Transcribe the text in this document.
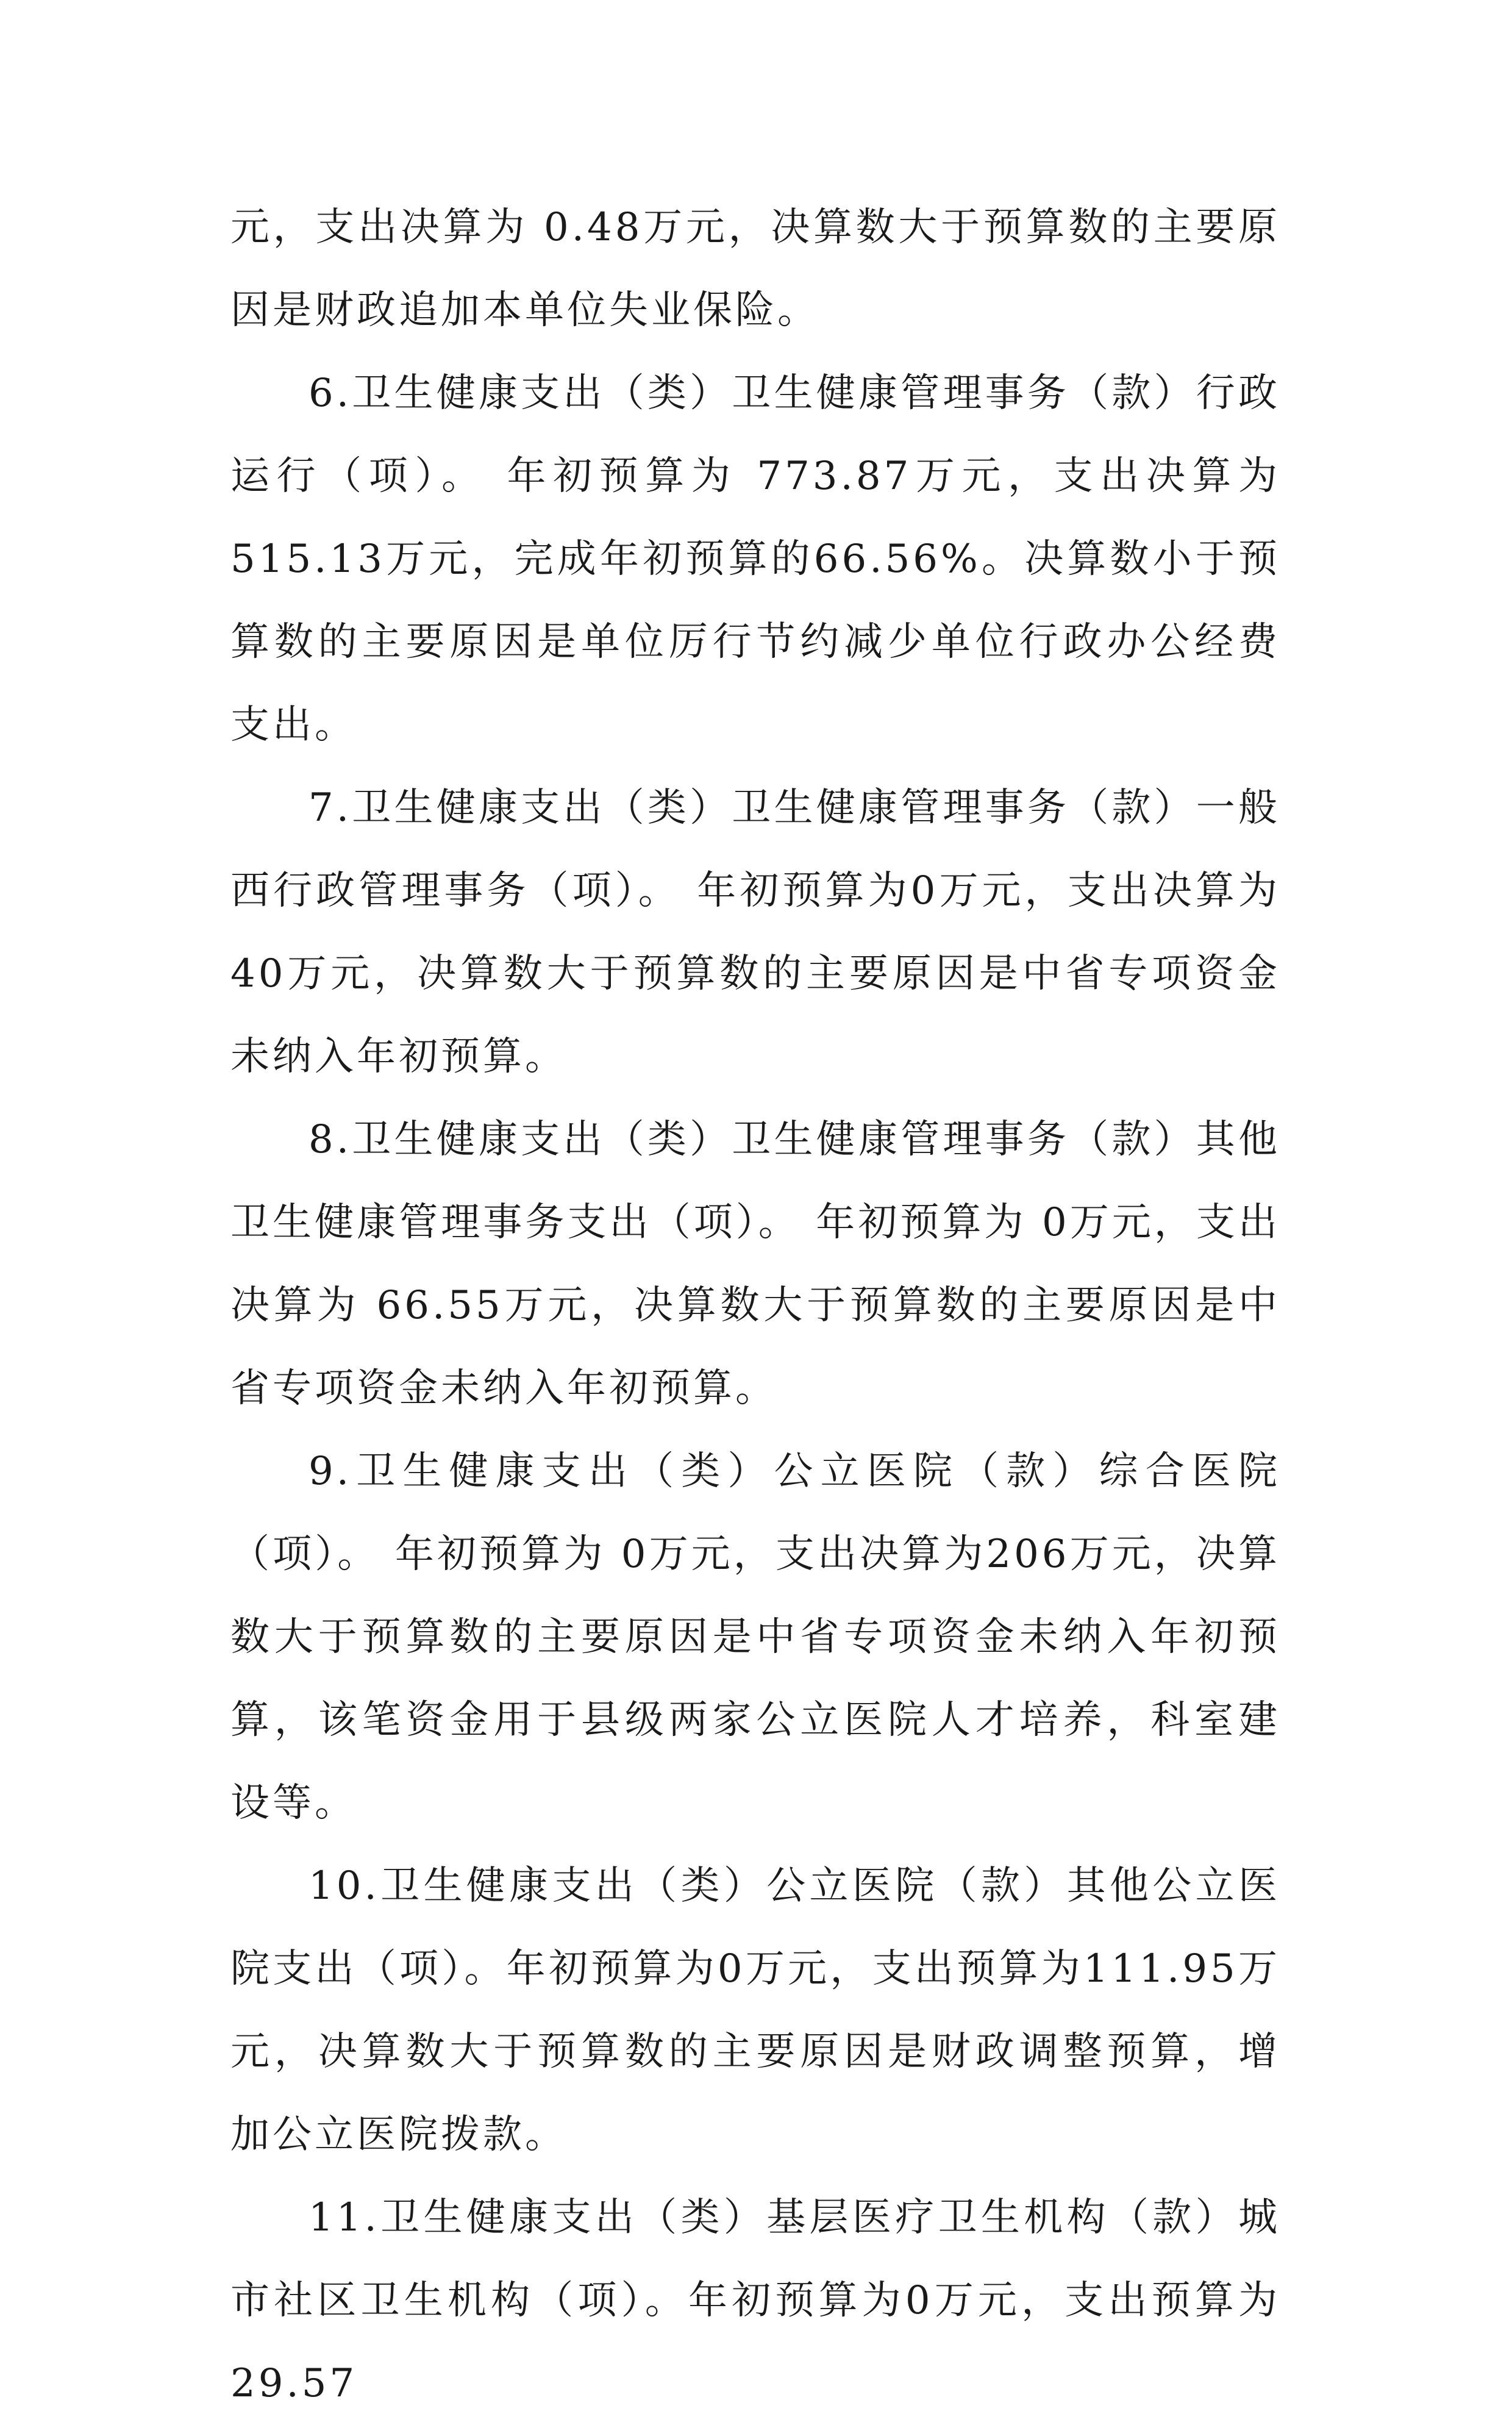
元，支出决算为 0.48万元，决算数大于预算数的主要原因是财政追加本单位失业保险。

6.卫生健康支出（类）卫生健康管理事务（款）行政运行（项）。 年初预算为 773.87万元，支出决算为 515.13万元，完成年初预算的66.56%。决算数小于预算数的主要原因是单位厉行节约减少单位行政办公经费支出。

7.卫生健康支出（类）卫生健康管理事务（款）一般西行政管理事务（项）。 年初预算为0万元，支出决算为 40万元，决算数大于预算数的主要原因是中省专项资金未纳入年初预算。

8.卫生健康支出（类）卫生健康管理事务（款）其他卫生健康管理事务支出（项）。 年初预算为 0万元，支出决算为 66.55万元，决算数大于预算数的主要原因是中省专项资金未纳入年初预算。

9.卫生健康支出（类）公立医院（款）综合医院（项）。 年初预算为 0万元，支出决算为206万元，决算数大于预算数的主要原因是中省专项资金未纳入年初预算，该笔资金用于县级两家公立医院人才培养，科室建设等。

10.卫生健康支出（类）公立医院（款）其他公立医院支出（项）。年初预算为0万元，支出预算为111.95万元，决算数大于预算数的主要原因是财政调整预算，增加公立医院拨款。

11.卫生健康支出（类）基层医疗卫生机构（款）城市社区卫生机构（项）。年初预算为0万元，支出预算为29.57
